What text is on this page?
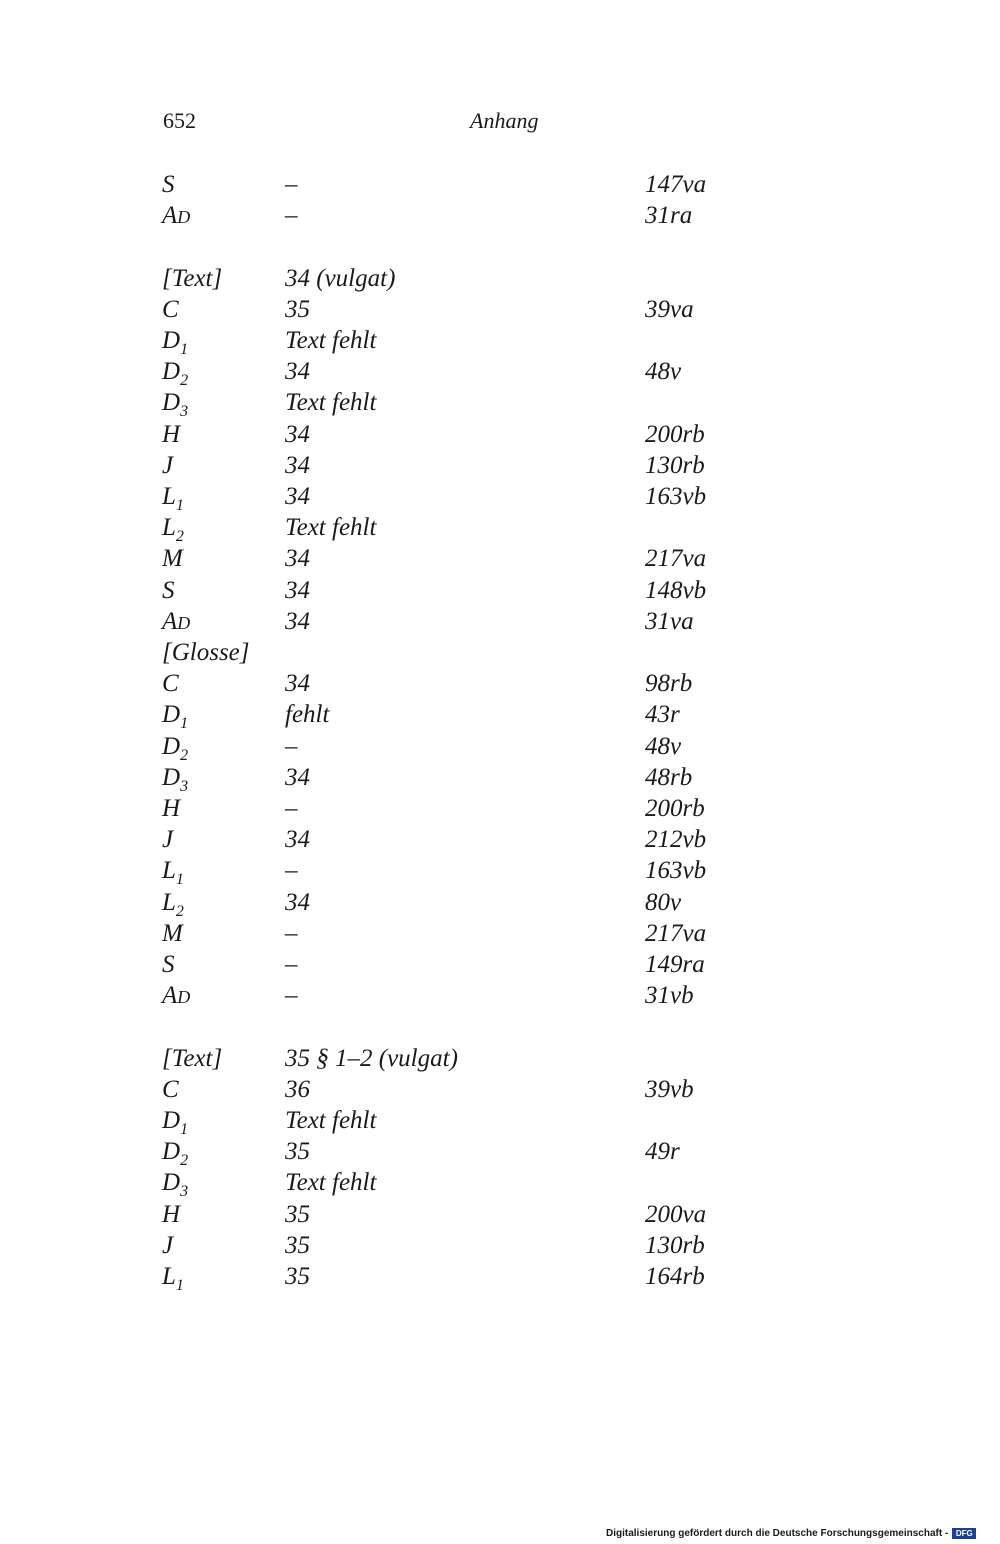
652	Anhang
S	–	147va
AD	–	31ra
[Text]	34 (vulgat)
C	35	39va
$D_1$	Text fehlt
$D_2$	34	48v
$D_3$	Text fehlt
H	34	200rb
J	34	130rb
$L_1$	34	163vb
$L_2$	Text fehlt
M	34	217va
S	34	148vb
AD	34	31va
[Glosse]
C	34	98rb
$D_1$	fehlt	43r
$D_2$	–	48v
$D_3$	34	48rb
H	–	200rb
J	34	212vb
$L_1$	–	163vb
$L_2$	34	80v
M	–	217va
S	–	149ra
AD	–	31vb
[Text]	35 § 1–2 (vulgat)
C	36	39vb
$D_1$	Text fehlt
$D_2$	35	49r
$D_3$	Text fehlt
H	35	200va
J	35	130rb
$L_1$	35	164rb
Digitalisierung gefördert durch die Deutsche Forschungsgemeinschaft - DFG
